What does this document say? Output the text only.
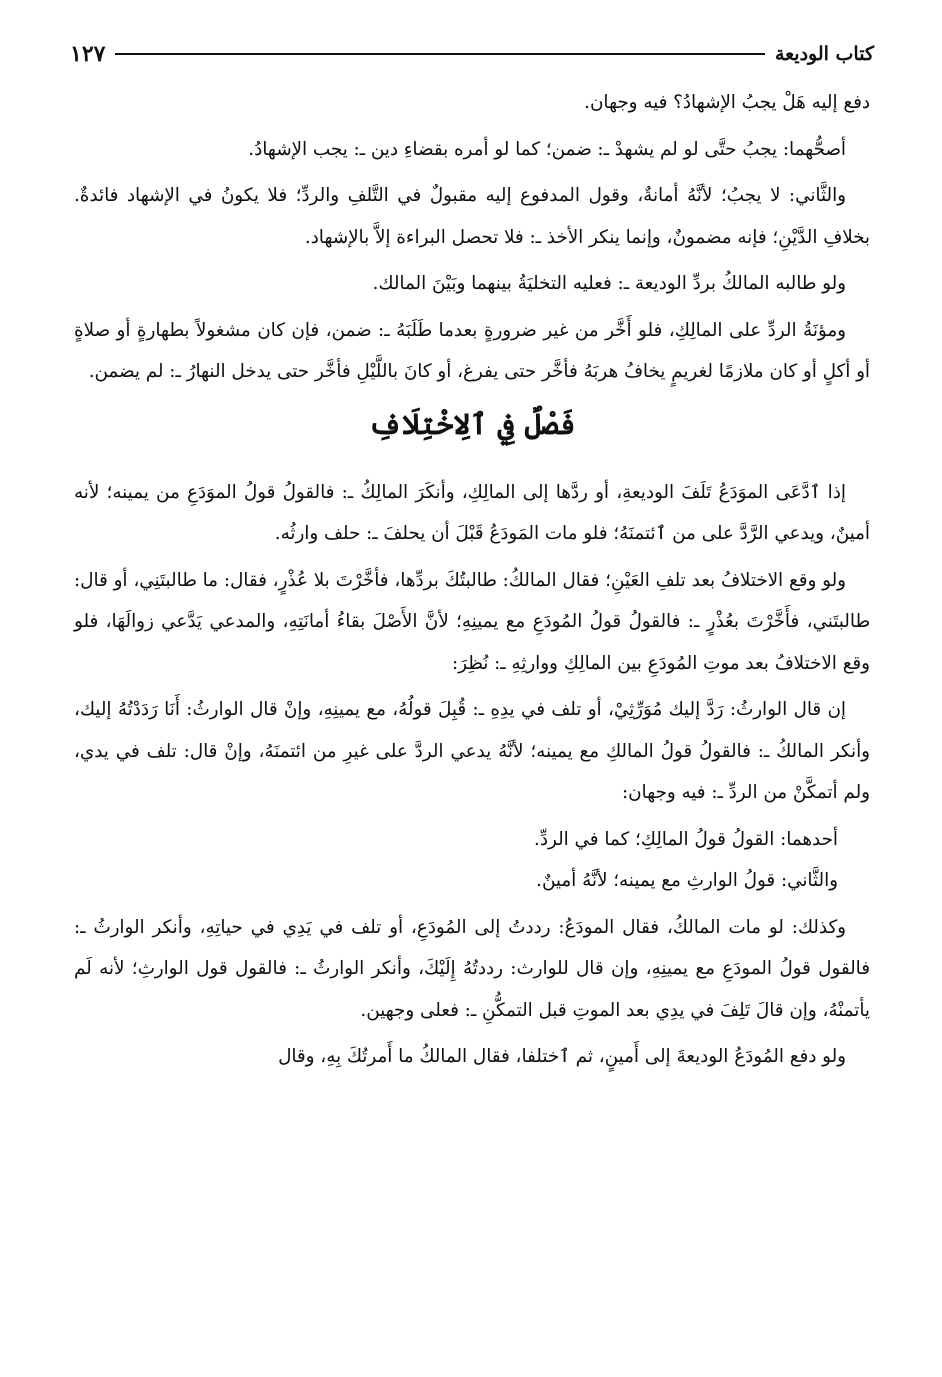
كتاب الوديعة
١٢٧

دفع إليه هَلْ يجبُ الإشهادُ؟ فيه وجهان.

أصحُّهما: يجبُ حتَّى لو لم يشهدْ ـ: ضمن؛ كما لو أمره بقضاءِ دين ـ: يجب الإشهادُ.

والثَّاني: لا يجبُ؛ لأنَّهُ أمانةٌ، وقول المدفوع إليه مقبولٌ في التَّلفِ والردِّ؛ فلا يكونُ في الإشهاد فائدةٌ. بخلافِ الدَّيْنِ؛ فإنه مضمونٌ، وإنما ينكر الأخذ ـ: فلا تحصل البراءة إلاَّ بالإشهاد.

ولو طالبه المالكُ بردِّ الوديعة ـ: فعليه التخليَةُ بينهما وبَيْنَ المالك.

ومؤنَةُ الردِّ على المالِكِ، فلو أَخَّر من غير ضرورةٍ بعدما طَلَبَهُ ـ: ضمن، فإن كان مشغولاً بطهارةٍ أو صلاةٍ أو أكلٍ أو كان ملازمًا لغريمٍ يخافُ هربَهُ فأخَّر حتى يفرغ، أو كانَ باللَّيْلِ فأخَّر حتى يدخل النهارُ ـ: لم يضمن.

فَصْلٌ فِي ٱلِاخْتِلَافِ

إذا ٱدَّعَى الموَدَعُ تَلَفَ الوديعةِ، أو ردَّها إلى المالِكِ، وأنكَرَ المالِكُ ـ: فالقولُ قولُ الموَدَعِ من يمينه؛ لأنه أمينٌ، ويدعي الرَّدَّ على من ٱئتمنَهُ؛ فلو مات المَودَعُ قَبْلَ أن يحلفَ ـ: حلف وارثُه.

ولو وقع الاختلافُ بعد تلفِ العَيْنِ؛ فقال المالكُ: طالبتُكَ بردِّها، فأخَّرْتَ بلا عُذْرٍ، فقال: ما طالبتَنِي، أو قال: طالبتَني، فأَخَّرْتَ بعُذْرٍ ـ: فالقولُ قولُ المُودَعِ مع يمينِهِ؛ لأنَّ الأَصْلَ بقاءُ أمانَتِهِ، والمدعي يَدَّعي زوالَهَا، فلو وقع الاختلافُ بعد موتِ المُودَعِ بين المالِكِ ووارثِهِ ـ: نُظِرَ:

إن قال الوارثُ: رَدَّ إليك مُوَرِّثِيْ، أو تلف في يدِهِ ـ: قُبِلَ قولُهُ، مع يمينِهِ، وإنْ قال الوارثُ: أَنَا رَدَدْتُهُ إليك، وأنكر المالكُ ـ: فالقولُ قولُ المالكِ مع يمينه؛ لأنَّهُ يدعي الردَّ على غيرِ من ائتمنَهُ، وإنْ قال: تلف في يدي، ولم أتمكَّنْ من الردِّ ـ: فيه وجهان:

أحدهما: القولُ قولُ المالِكِ؛ كما في الردِّ.

والثَّاني: قولُ الوارثِ مع يمينه؛ لأنَّهُ أمينٌ.

وكذلك: لو مات المالكُ، فقال المودَعُ: رددتُ إلى المُودَعِ، أو تلف في يَدِي في حياتِهِ، وأنكر الوارثُ ـ: فالقول قولُ المودَعِ مع يمينِهِ، وإن قال للوارث: رددتُهُ إِلَيْكَ، وأنكر الوارثُ ـ: فالقول قول الوارثِ؛ لأنه لَم يأتمنْهُ، وإن قالَ تَلِفَ في يدِي بعد الموتِ قبل التمكُّنِ ـ: فعلى وجهين.

ولو دفع المُودَعُ الوديعةَ إلى أَمينٍ، ثم ٱختلفا، فقال المالكُ ما أَمرتُكَ بِهِ، وقال
